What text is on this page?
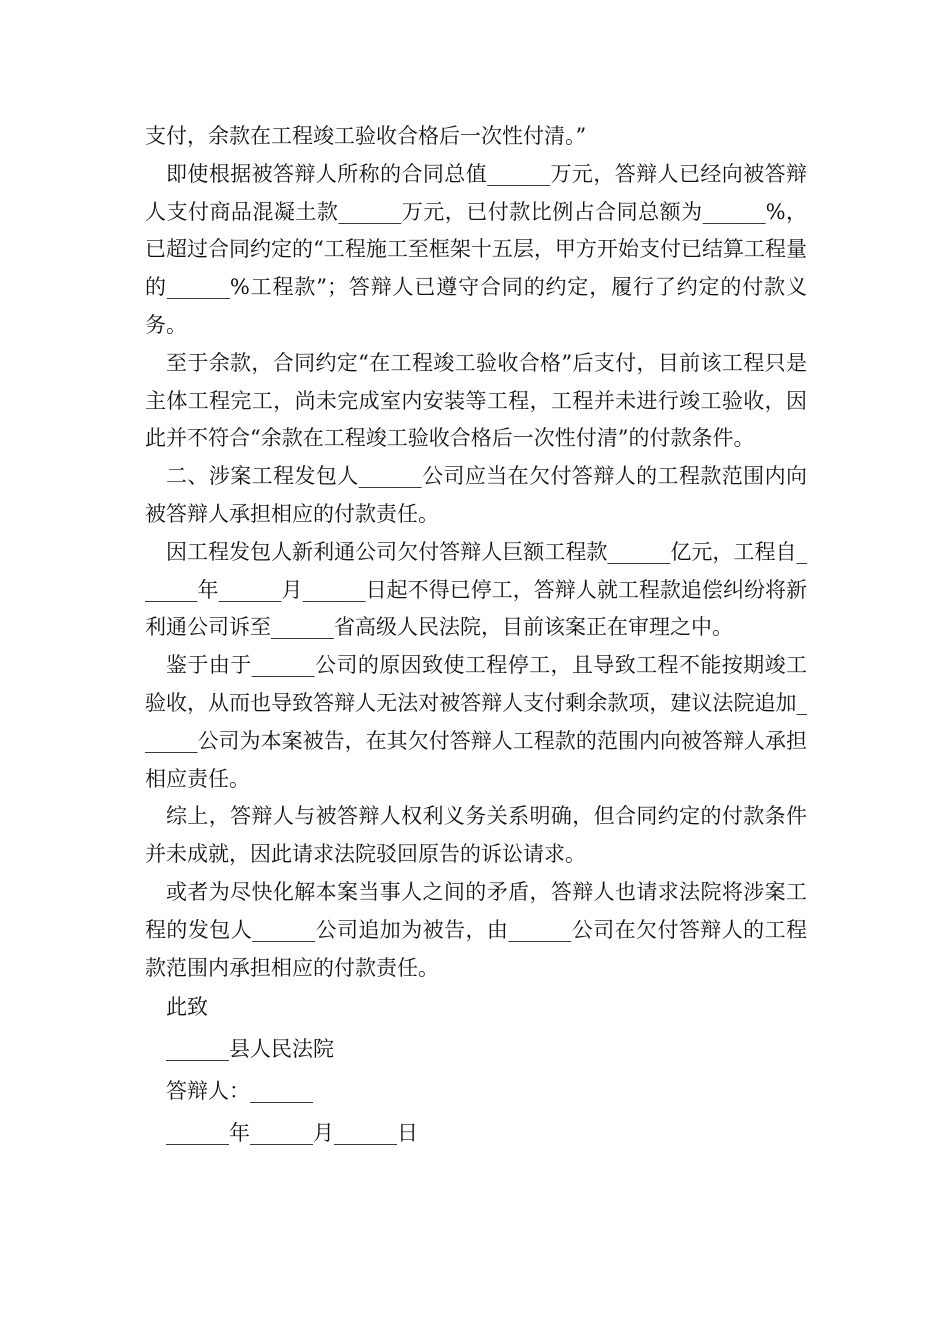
支付，余款在工程竣工验收合格后一次性付清。”

即使根据被答辩人所称的合同总值______万元，答辩人已经向被答辩人支付商品混凝土款______万元，已付款比例占合同总额为______%，已超过合同约定的“工程施工至框架十五层，甲方开始支付已结算工程量的______%工程款”；答辩人已遵守合同的约定，履行了约定的付款义务。

至于余款，合同约定“在工程竣工验收合格”后支付，目前该工程只是主体工程完工，尚未完成室内安装等工程，工程并未进行竣工验收，因此并不符合“余款在工程竣工验收合格后一次性付清”的付款条件。

二、涉案工程发包人______公司应当在欠付答辩人的工程款范围内向被答辩人承担相应的付款责任。

因工程发包人新利通公司欠付答辩人巨额工程款______亿元，工程自______年______月______日起不得已停工，答辩人就工程款追偿纠纷将新利通公司诉至______省高级人民法院，目前该案正在审理之中。

鉴于由于______公司的原因致使工程停工，且导致工程不能按期竣工验收，从而也导致答辩人无法对被答辩人支付剩余款项，建议法院追加______公司为本案被告，在其欠付答辩人工程款的范围内向被答辩人承担相应责任。

综上，答辩人与被答辩人权利义务关系明确，但合同约定的付款条件并未成就，因此请求法院驳回原告的诉讼请求。

或者为尽快化解本案当事人之间的矛盾，答辩人也请求法院将涉案工程的发包人______公司追加为被告，由______公司在欠付答辩人的工程款范围内承担相应的付款责任。

此致
______县人民法院
答辩人：______
______年______月______日
